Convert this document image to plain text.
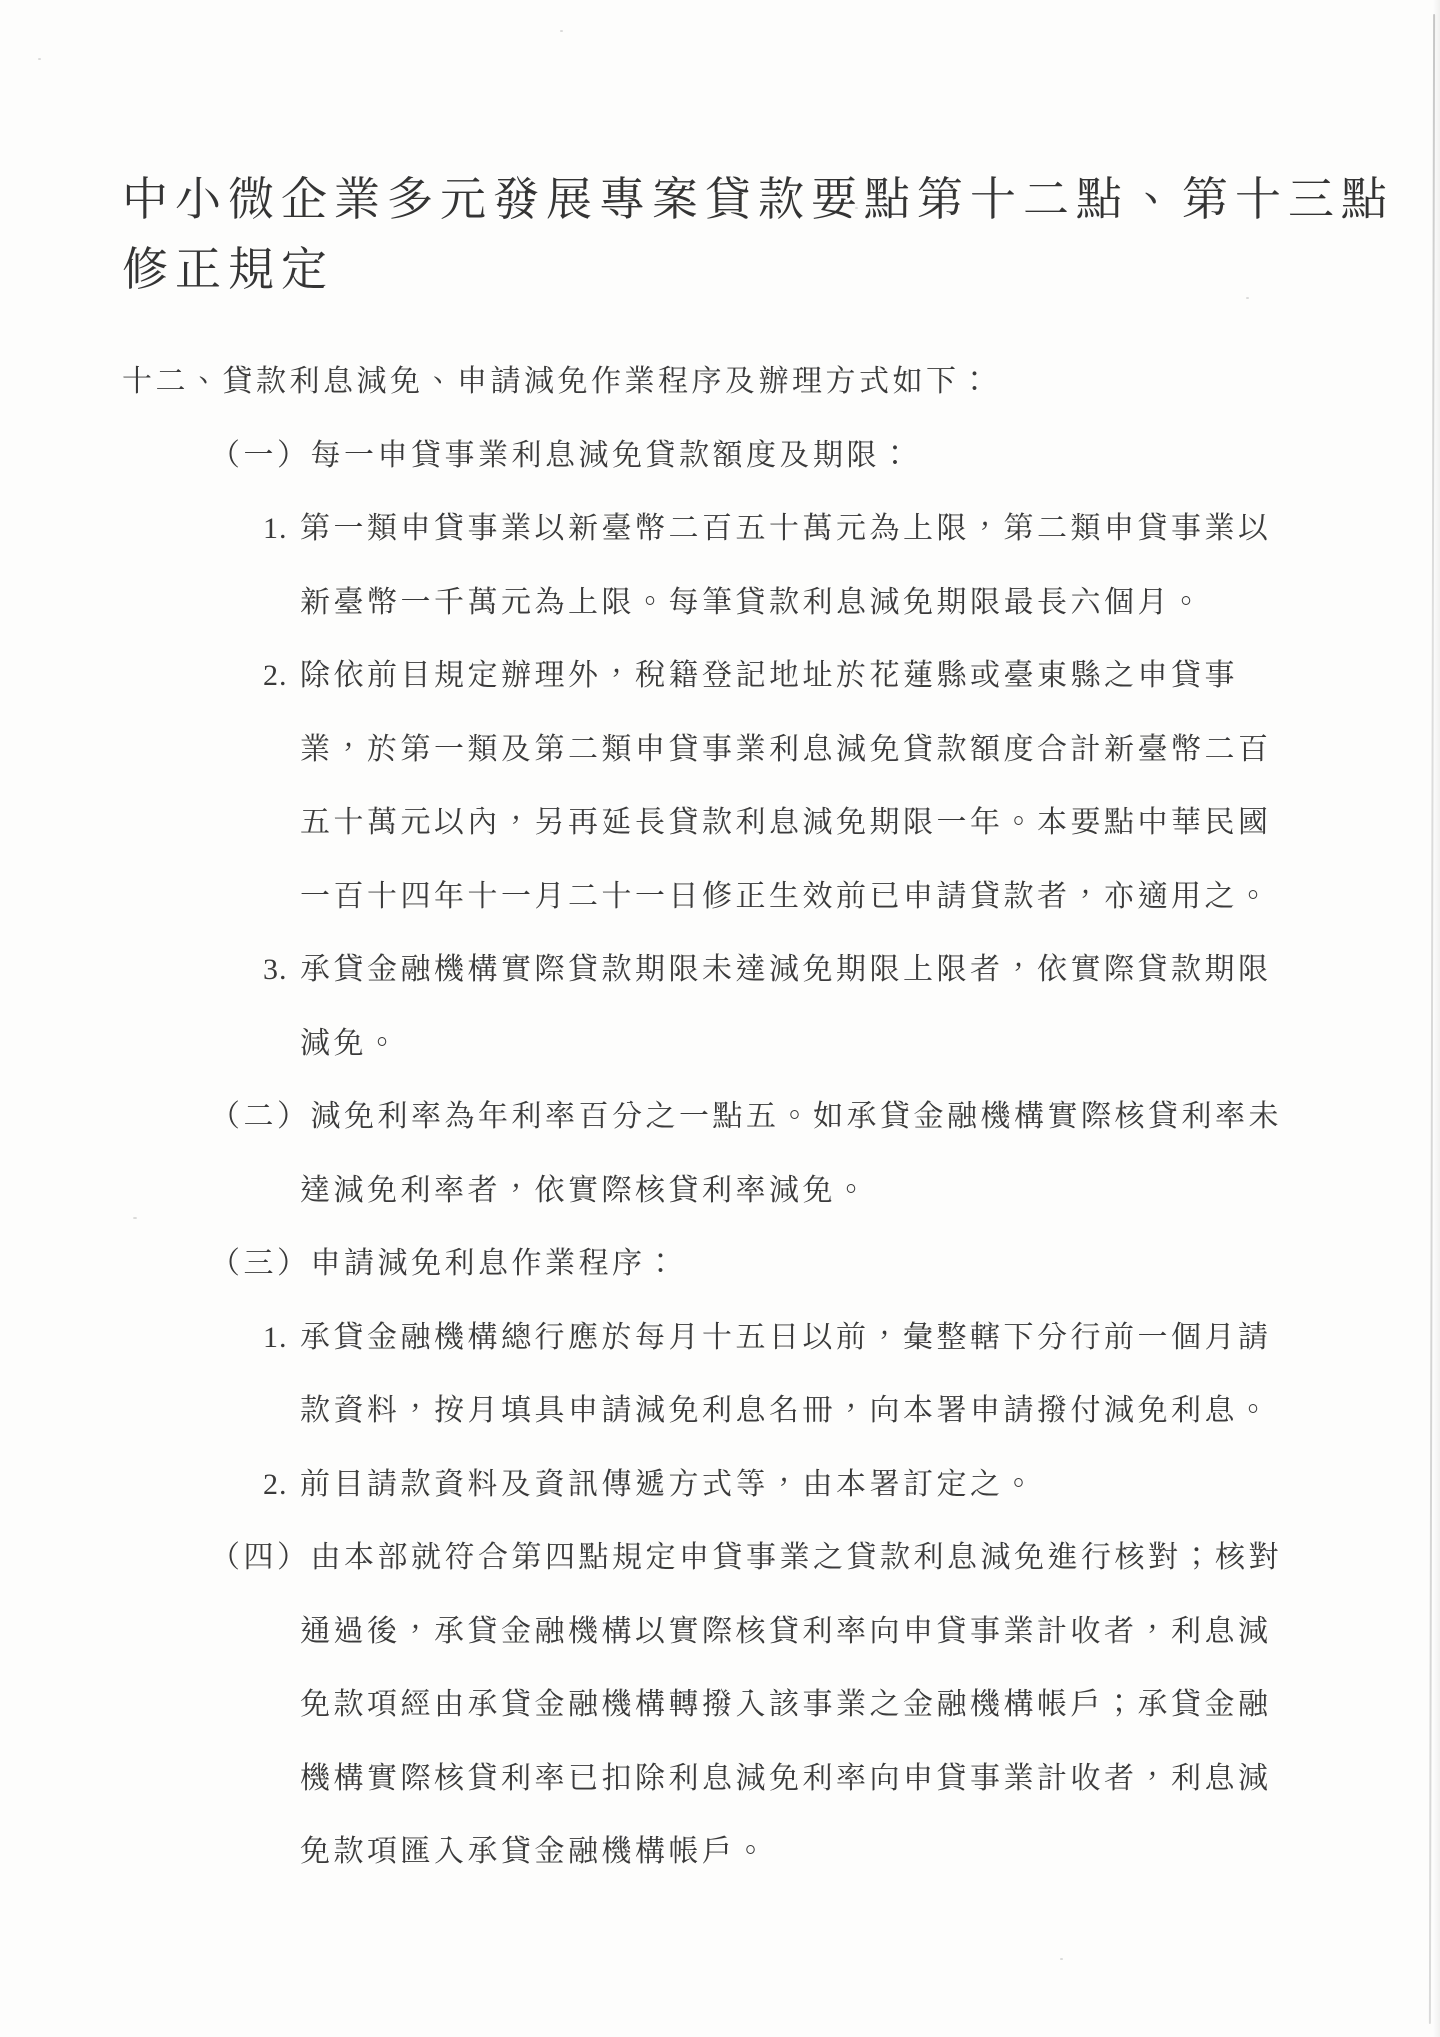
中小微企業多元發展專案貸款要點第十二點、第十三點
修正規定
十二、貸款利息減免、申請減免作業程序及辦理方式如下：
（一）每一申貸事業利息減免貸款額度及期限：
1. 第一類申貸事業以新臺幣二百五十萬元為上限，第二類申貸事業以
新臺幣一千萬元為上限。每筆貸款利息減免期限最長六個月。
2. 除依前目規定辦理外，稅籍登記地址於花蓮縣或臺東縣之申貸事
業，於第一類及第二類申貸事業利息減免貸款額度合計新臺幣二百
五十萬元以內，另再延長貸款利息減免期限一年。本要點中華民國
一百十四年十一月二十一日修正生效前已申請貸款者，亦適用之。
3. 承貸金融機構實際貸款期限未達減免期限上限者，依實際貸款期限
減免。
（二）減免利率為年利率百分之一點五。如承貸金融機構實際核貸利率未
達減免利率者，依實際核貸利率減免。
（三）申請減免利息作業程序：
1. 承貸金融機構總行應於每月十五日以前，彙整轄下分行前一個月請
款資料，按月填具申請減免利息名冊，向本署申請撥付減免利息。
2. 前目請款資料及資訊傳遞方式等，由本署訂定之。
（四）由本部就符合第四點規定申貸事業之貸款利息減免進行核對；核對
通過後，承貸金融機構以實際核貸利率向申貸事業計收者，利息減
免款項經由承貸金融機構轉撥入該事業之金融機構帳戶；承貸金融
機構實際核貸利率已扣除利息減免利率向申貸事業計收者，利息減
免款項匯入承貸金融機構帳戶。
